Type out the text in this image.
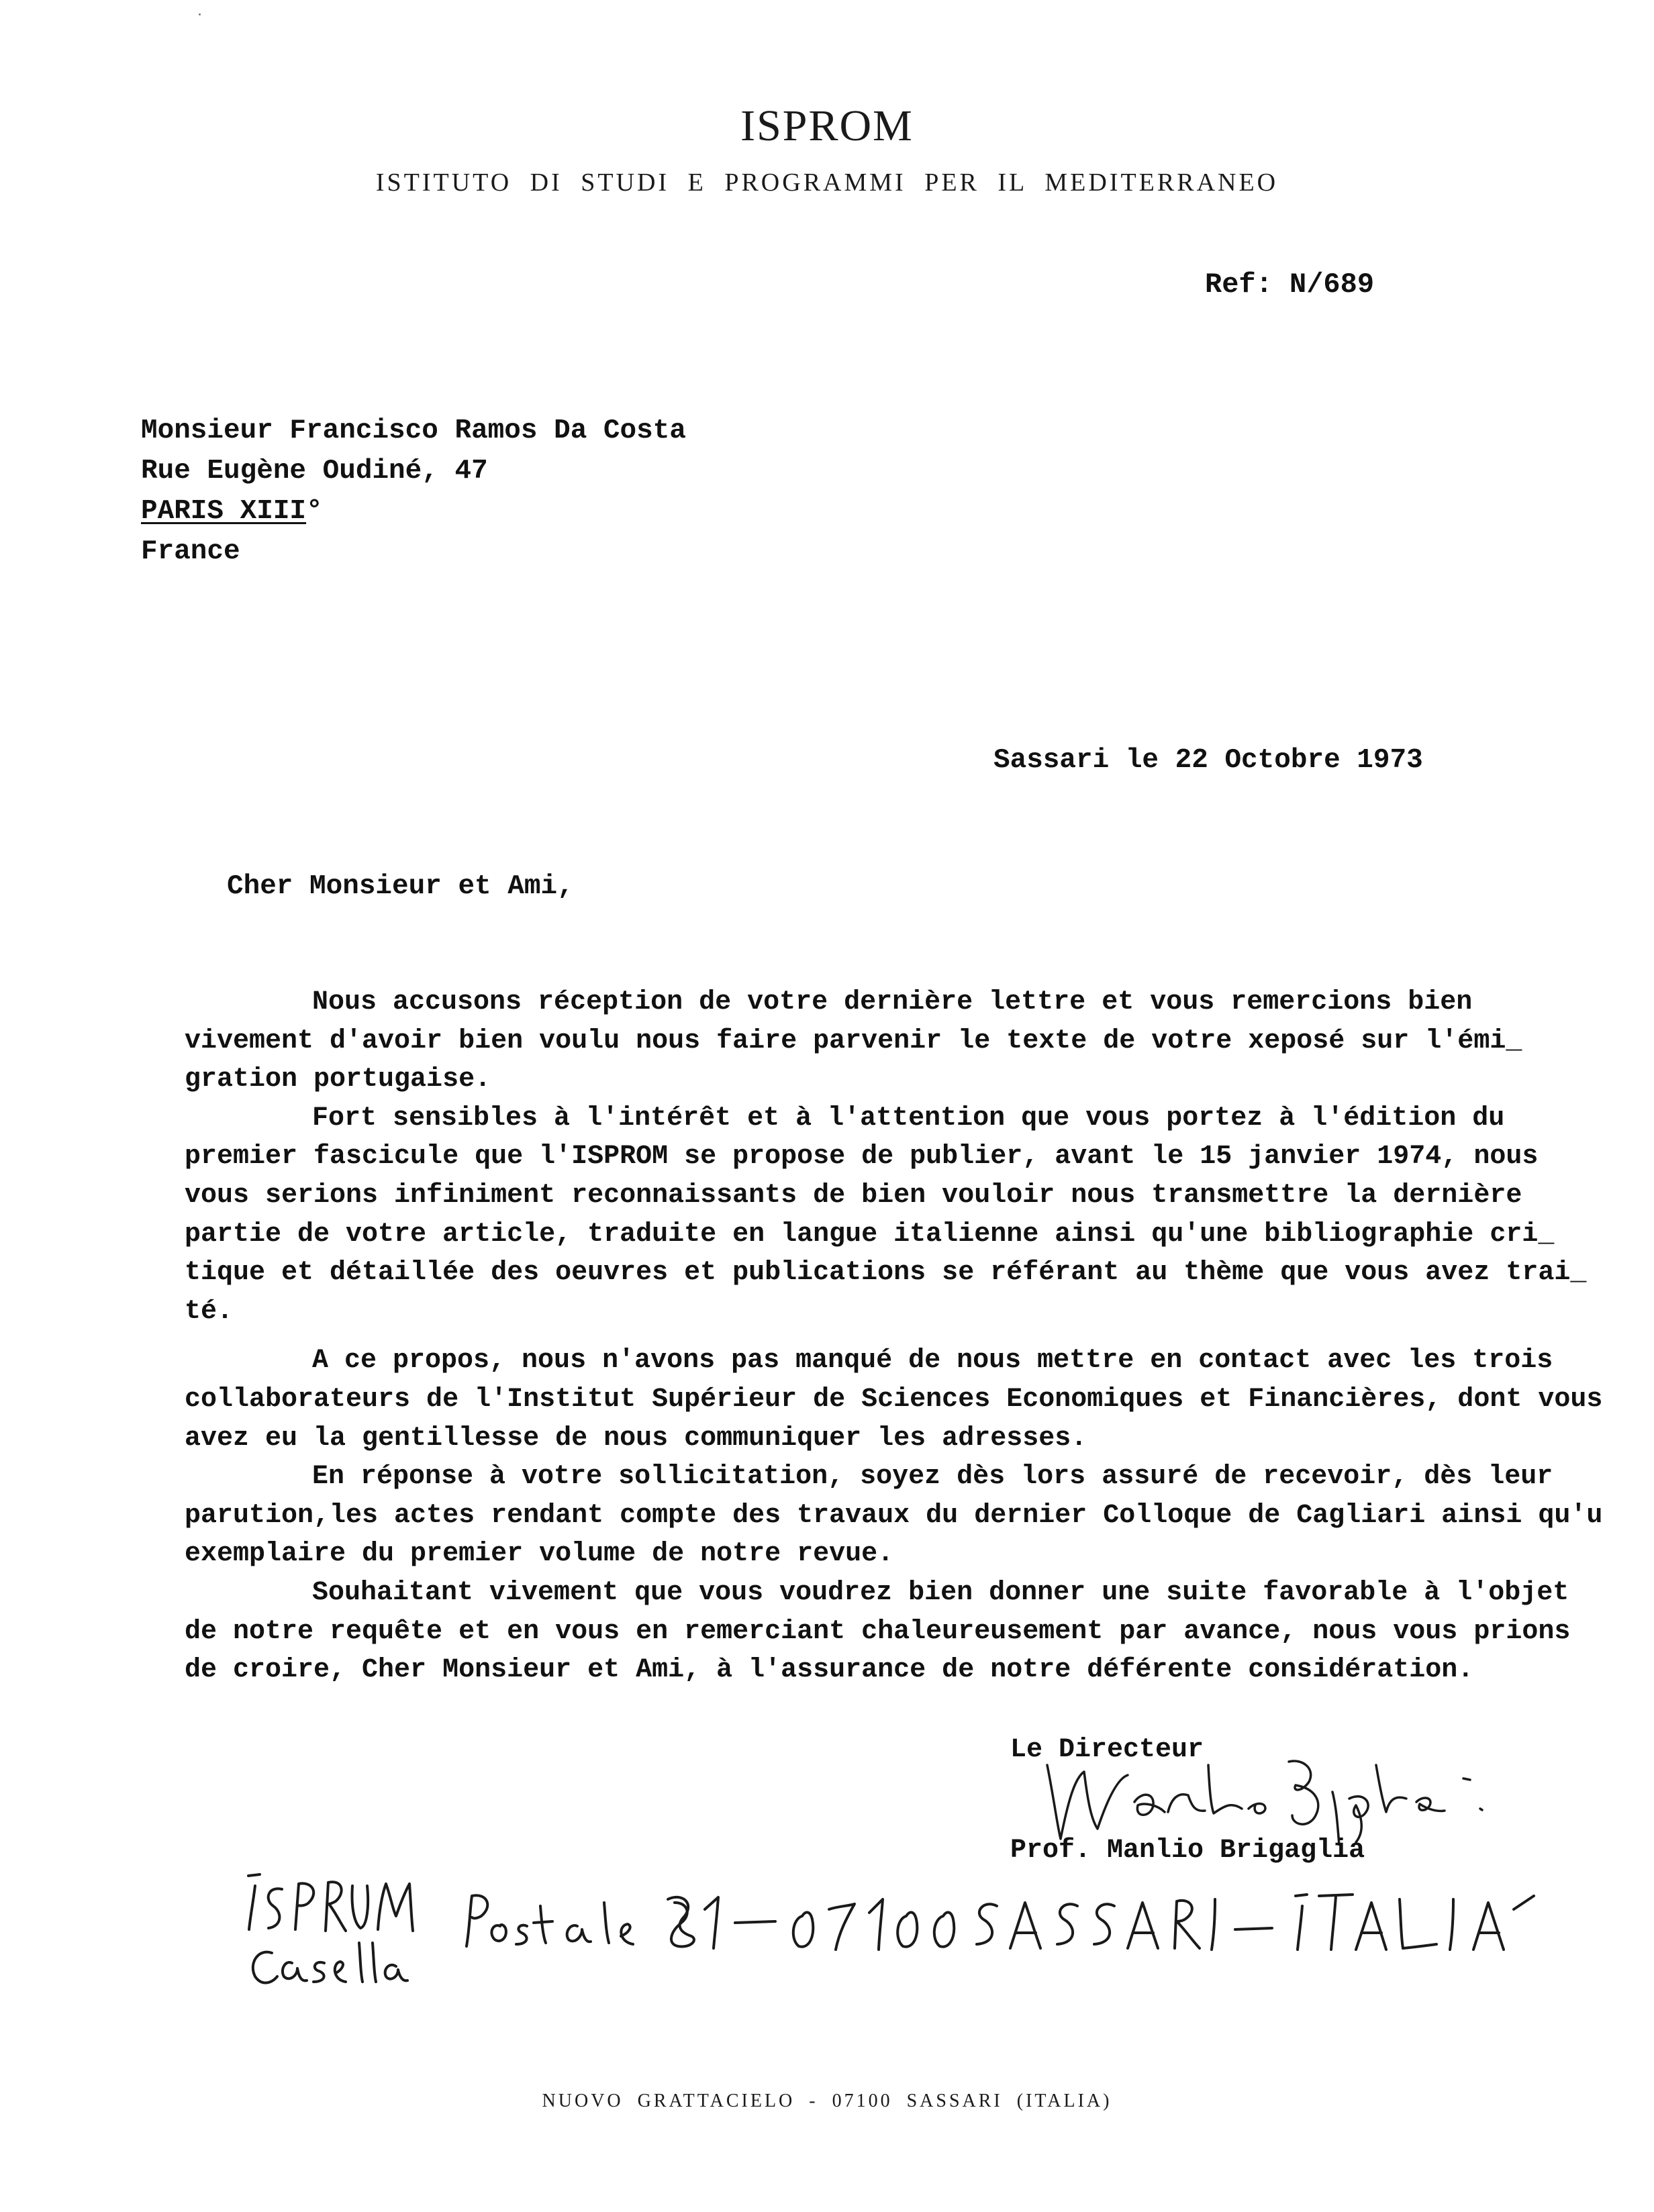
ISPROM
ISTITUTO DI STUDI E PROGRAMMI PER IL MEDITERRANEO
Ref: N/689
Monsieur Francisco Ramos Da Costa
Rue Eugène Oudiné, 47
PARIS XIII°
France
Sassari le 22 Octobre 1973
Cher Monsieur et Ami,
Nous accusons réception de votre dernière lettre et vous remercions bien
vivement d'avoir bien voulu nous faire parvenir le texte de votre xeposé sur l'émi_
gration portugaise.
Fort sensibles à l'intérêt et à l'attention que vous portez à l'édition du
premier fascicule que l'ISPROM se propose de publier, avant le 15 janvier 1974, nous
vous serions infiniment reconnaissants de bien vouloir nous transmettre la dernière
partie de votre article, traduite en langue italienne ainsi qu'une bibliographie cri_
tique et détaillée des oeuvres et publications se référant au thème que vous avez trai_
té.
A ce propos, nous n'avons pas manqué de nous mettre en contact avec les trois
collaborateurs de l'Institut Supérieur de Sciences Economiques et Financières, dont vous
avez eu la gentillesse de nous communiquer les adresses.
En réponse à votre sollicitation, soyez dès lors assuré de recevoir, dès leur
parution,les actes rendant compte des travaux du dernier Colloque de Cagliari ainsi qu'u
exemplaire du premier volume de notre revue.
Souhaitant vivement que vous voudrez bien donner une suite favorable à l'objet
de notre requête et en vous en remerciant chaleureusement par avance, nous vous prions
de croire, Cher Monsieur et Ami, à l'assurance de notre déférente considération.
Le Directeur
Prof. Manlio Brigaglia
NUOVO GRATTACIELO - 07100 SASSARI (ITALIA)
